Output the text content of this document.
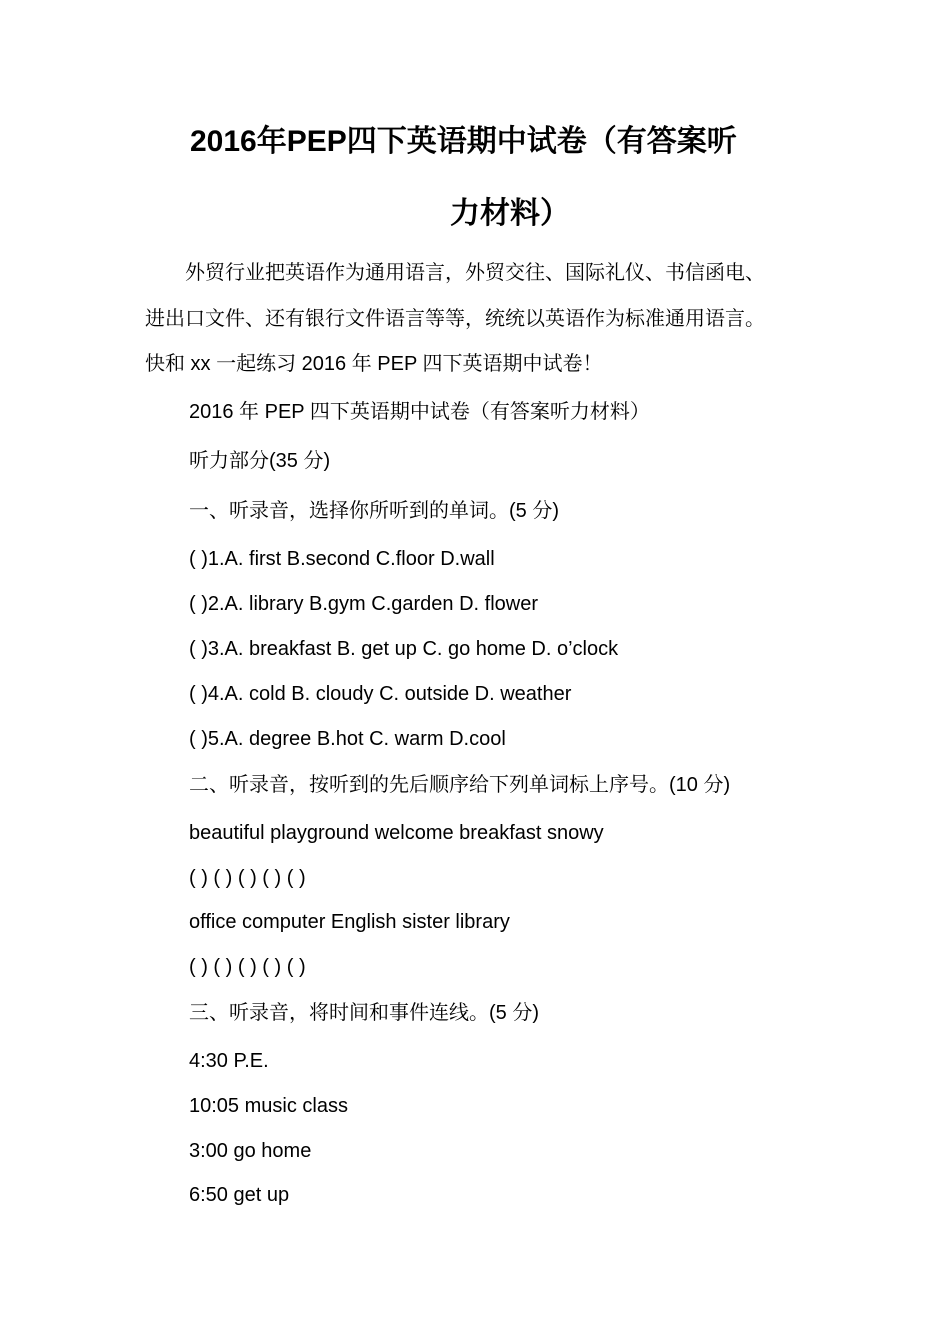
2016年PEP四下英语期中试卷（有答案听
力材料）
　　外贸行业把英语作为通用语言，外贸交往、国际礼仪、书信函电、
进出口文件、还有银行文件语言等等，统统以英语作为标准通用语言。
快和 xx 一起练习 2016 年 PEP 四下英语期中试卷！
2016 年 PEP 四下英语期中试卷（有答案听力材料）
听力部分(35 分)
一、听录音，选择你所听到的单词。(5 分)
( )1.A. first B.second C.floor D.wall
( )2.A. library B.gym C.garden D. flower
( )3.A. breakfast B. get up C. go home D. o’clock
( )4.A. cold B. cloudy C. outside D. weather
( )5.A. degree B.hot C. warm D.cool
二、听录音，按听到的先后顺序给下列单词标上序号。(10 分)
beautiful playground welcome breakfast snowy
( ) ( ) ( ) ( ) ( )
office computer English sister library
( ) ( ) ( ) ( ) ( )
三、听录音，将时间和事件连线。(5 分)
4:30 P.E.
10:05 music class
3:00 go home
6:50 get up
